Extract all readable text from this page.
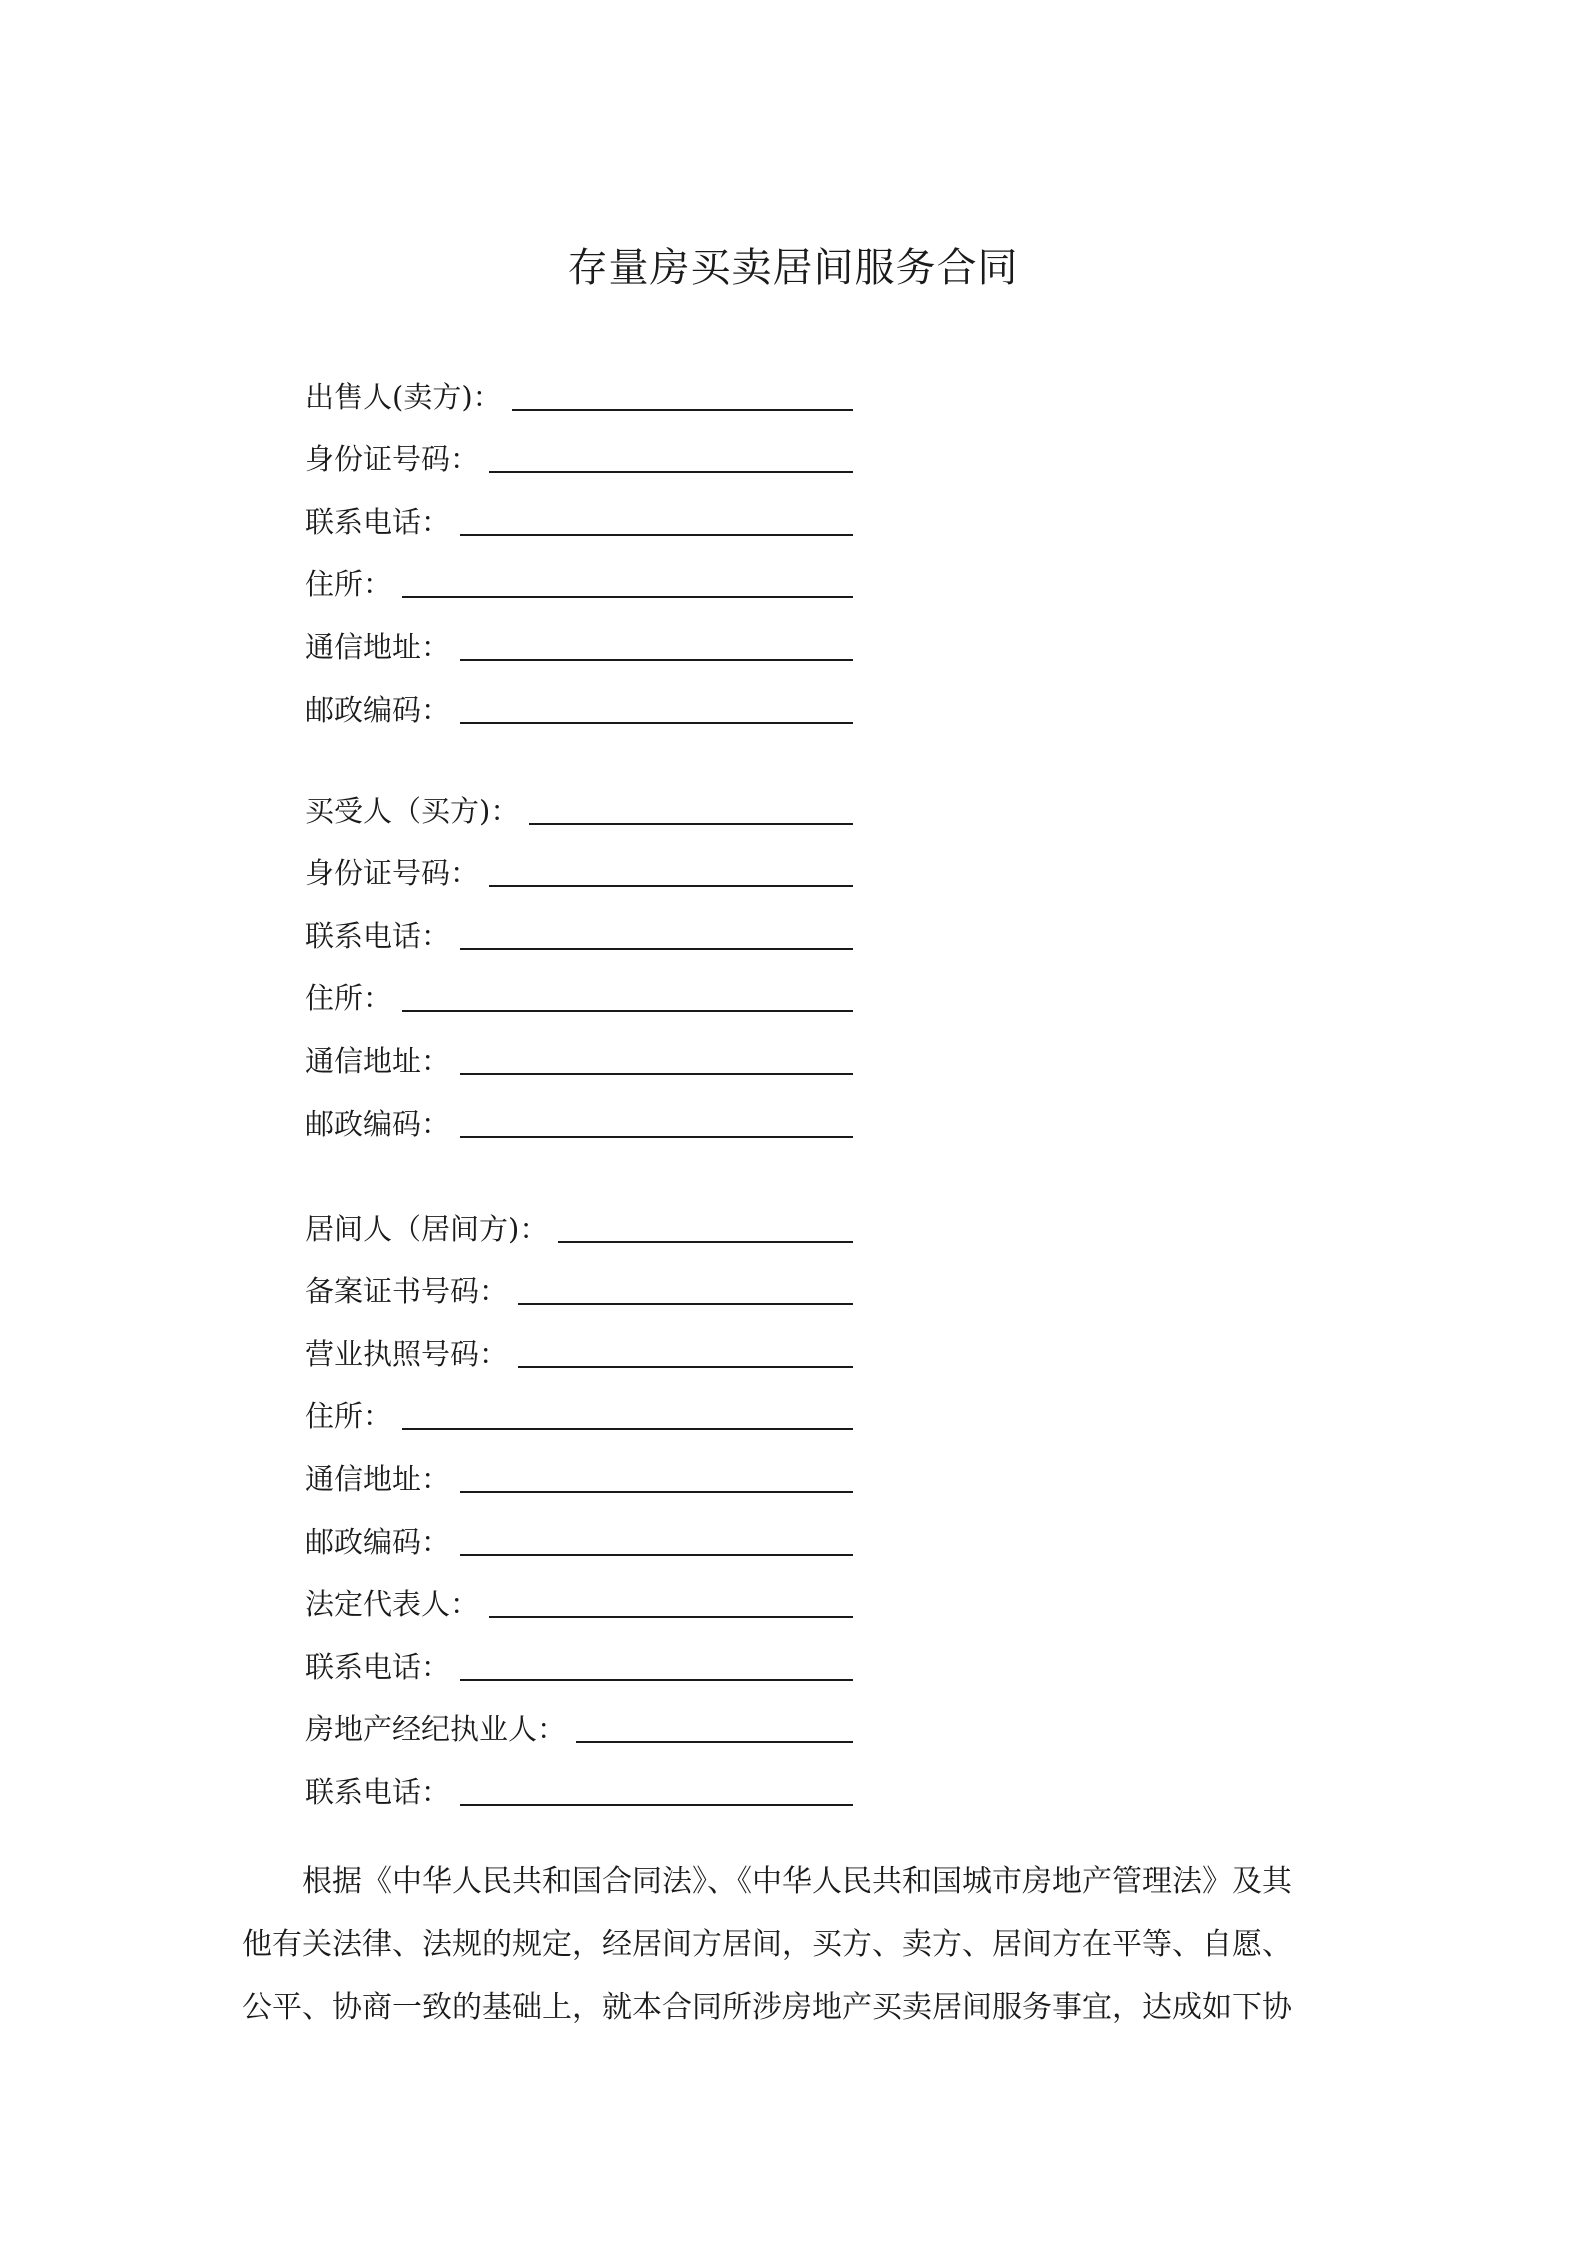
存量房买卖居间服务合同
出售人(卖方)：
身份证号码：
联系电话：
住所：
通信地址：
邮政编码：
买受人（买方)：
身份证号码：
联系电话：
住所：
通信地址：
邮政编码：
居间人（居间方)：
备案证书号码：
营业执照号码：
住所：
通信地址：
邮政编码：
法定代表人：
联系电话：
房地产经纪执业人：
联系电话：

根据《中华人民共和国合同法》、《中华人民共和国城市房地产管理法》及其
他有关法律、法规的规定，经居间方居间，买方、卖方、居间方在平等、自愿、
公平、协商一致的基础上，就本合同所涉房地产买卖居间服务事宜，达成如下协
